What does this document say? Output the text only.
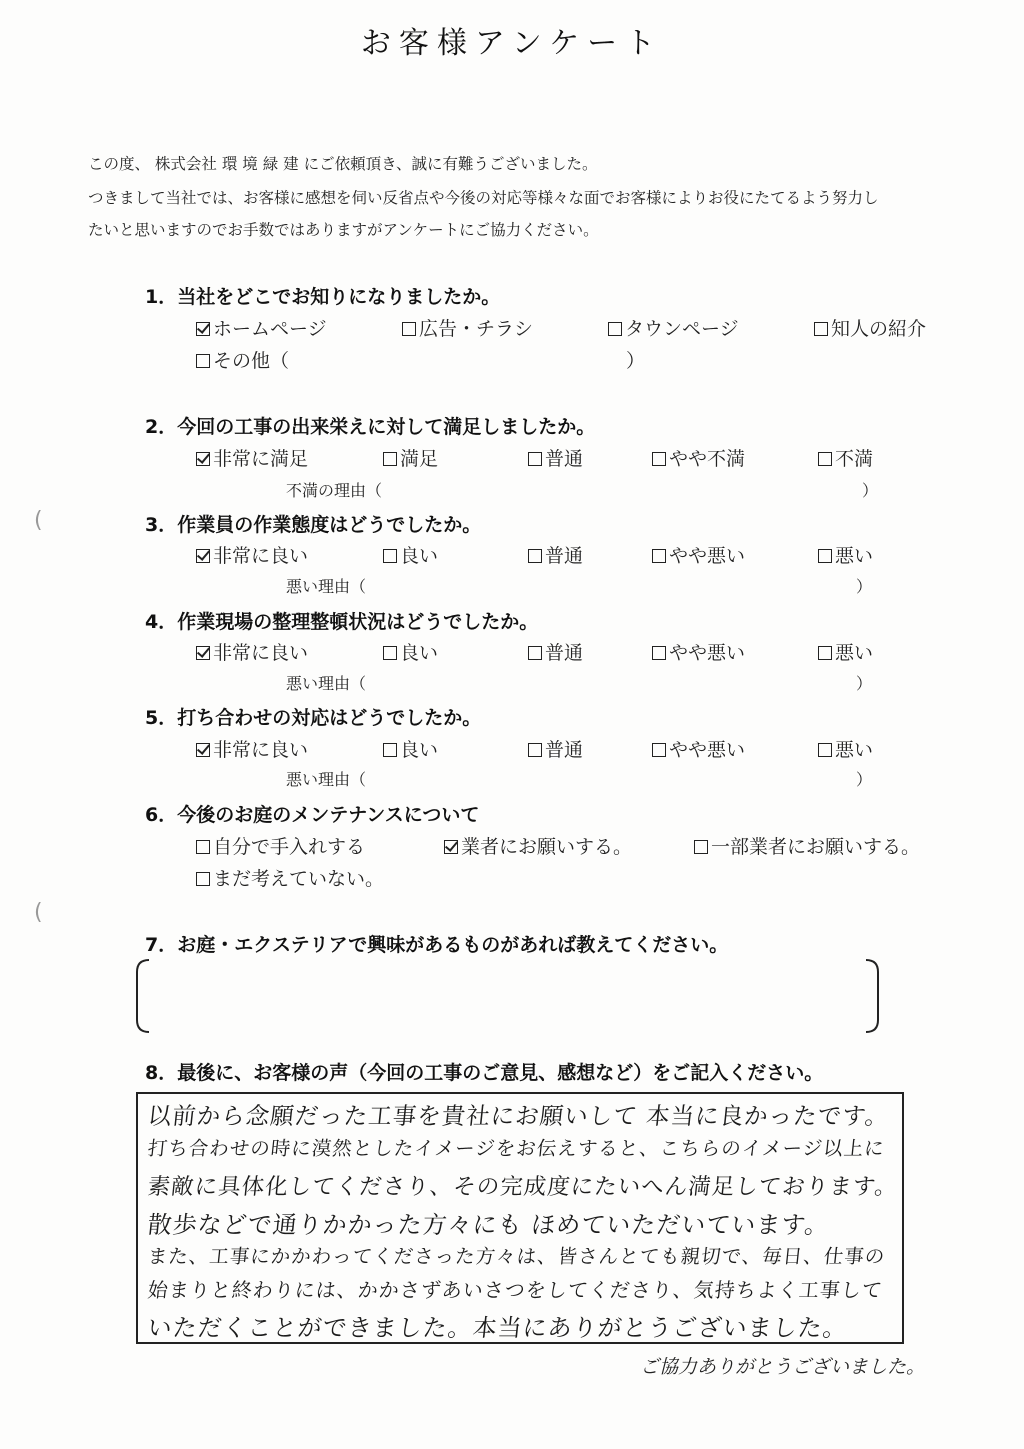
お客様アンケート
この度、 株式会社 環 境 緑 建 にご依頼頂き、誠に有難うございました。
つきまして当社では、お客様に感想を伺い反省点や今後の対応等様々な面でお客様によりお役にたてるよう努力し
たいと思いますのでお手数ではありますがアンケートにご協力ください。
1．当社をどこでお知りになりましたか。
ホームページ	広告・チラシ	タウンページ	知人の紹介
その他（	）
2．今回の工事の出来栄えに対して満足しましたか。
非常に満足	満足	普通	やや不満	不満
不満の理由（	）
3．作業員の作業態度はどうでしたか。
非常に良い	良い	普通	やや悪い	悪い
悪い理由（	）
4．作業現場の整理整頓状況はどうでしたか。
非常に良い	良い	普通	やや悪い	悪い
悪い理由（	）
5．打ち合わせの対応はどうでしたか。
非常に良い	良い	普通	やや悪い	悪い
悪い理由（	）
6．今後のお庭のメンテナンスについて
自分で手入れする	業者にお願いする。	一部業者にお願いする。
まだ考えていない。
(
(
7．お庭・エクステリアで興味があるものがあれば教えてください。
8．最後に、お客様の声（今回の工事のご意見、感想など）をご記入ください。
以前から念願だった工事を貴社にお願いして 本当に良かったです。
打ち合わせの時に漠然としたイメージをお伝えすると、こちらのイメージ以上に
素敵に具体化してくださり、その完成度にたいへん満足しております。
散歩などで通りかかった方々にも ほめていただいています。
また、工事にかかわってくださった方々は、皆さんとても親切で、毎日、仕事の
始まりと終わりには、かかさずあいさつをしてくださり、気持ちよく工事して
いただくことができました。本当にありがとうございました。
ご協力ありがとうございました。
